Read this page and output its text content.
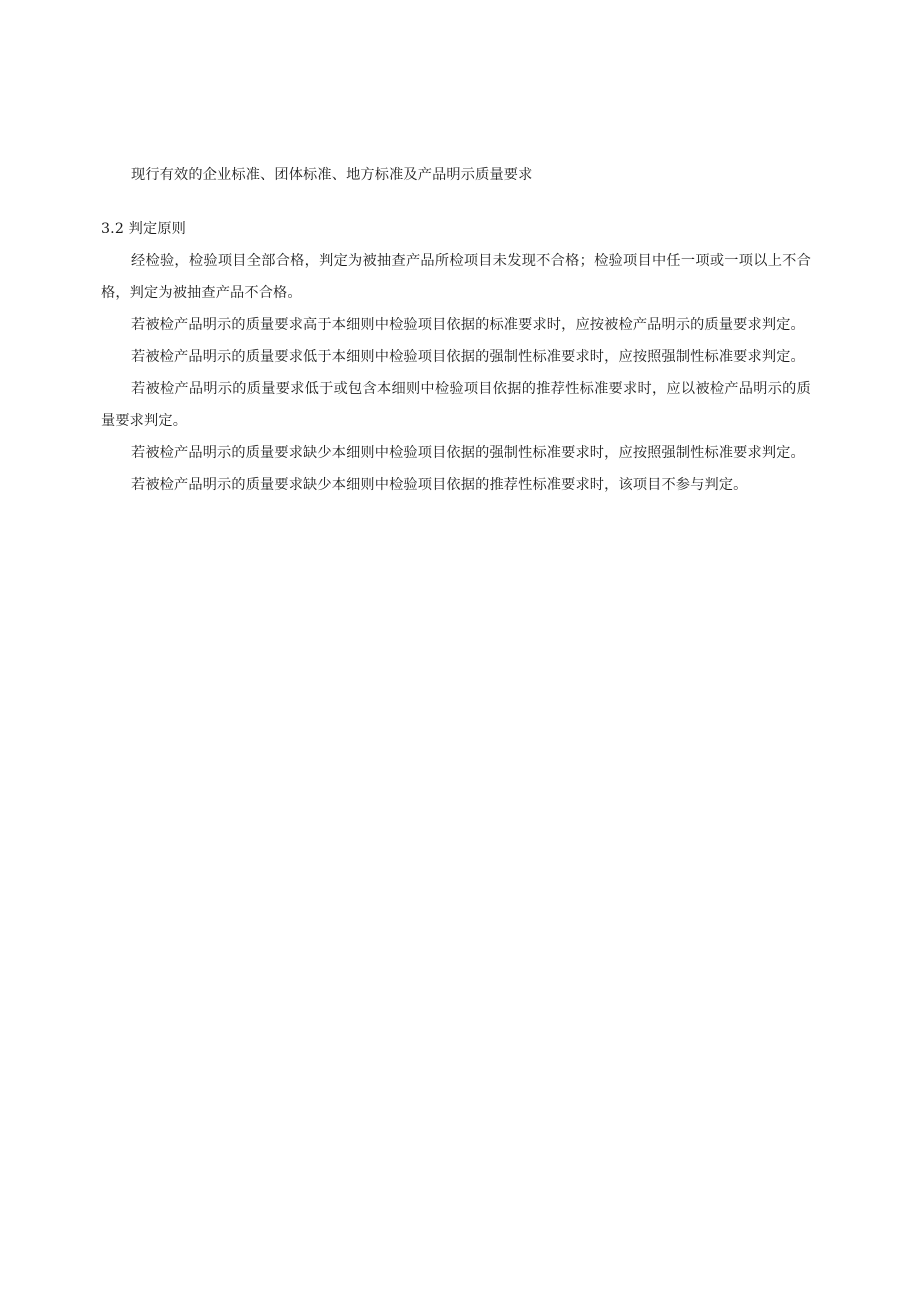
现行有效的企业标准、团体标准、地方标准及产品明示质量要求

3.2 判定原则

经检验，检验项目全部合格，判定为被抽查产品所检项目未发现不合格；检验项目中任一项或一项以上不合格，判定为被抽查产品不合格。

若被检产品明示的质量要求高于本细则中检验项目依据的标准要求时，应按被检产品明示的质量要求判定。

若被检产品明示的质量要求低于本细则中检验项目依据的强制性标准要求时，应按照强制性标准要求判定。

若被检产品明示的质量要求低于或包含本细则中检验项目依据的推荐性标准要求时，应以被检产品明示的质量要求判定。

若被检产品明示的质量要求缺少本细则中检验项目依据的强制性标准要求时，应按照强制性标准要求判定。

若被检产品明示的质量要求缺少本细则中检验项目依据的推荐性标准要求时，该项目不参与判定。
